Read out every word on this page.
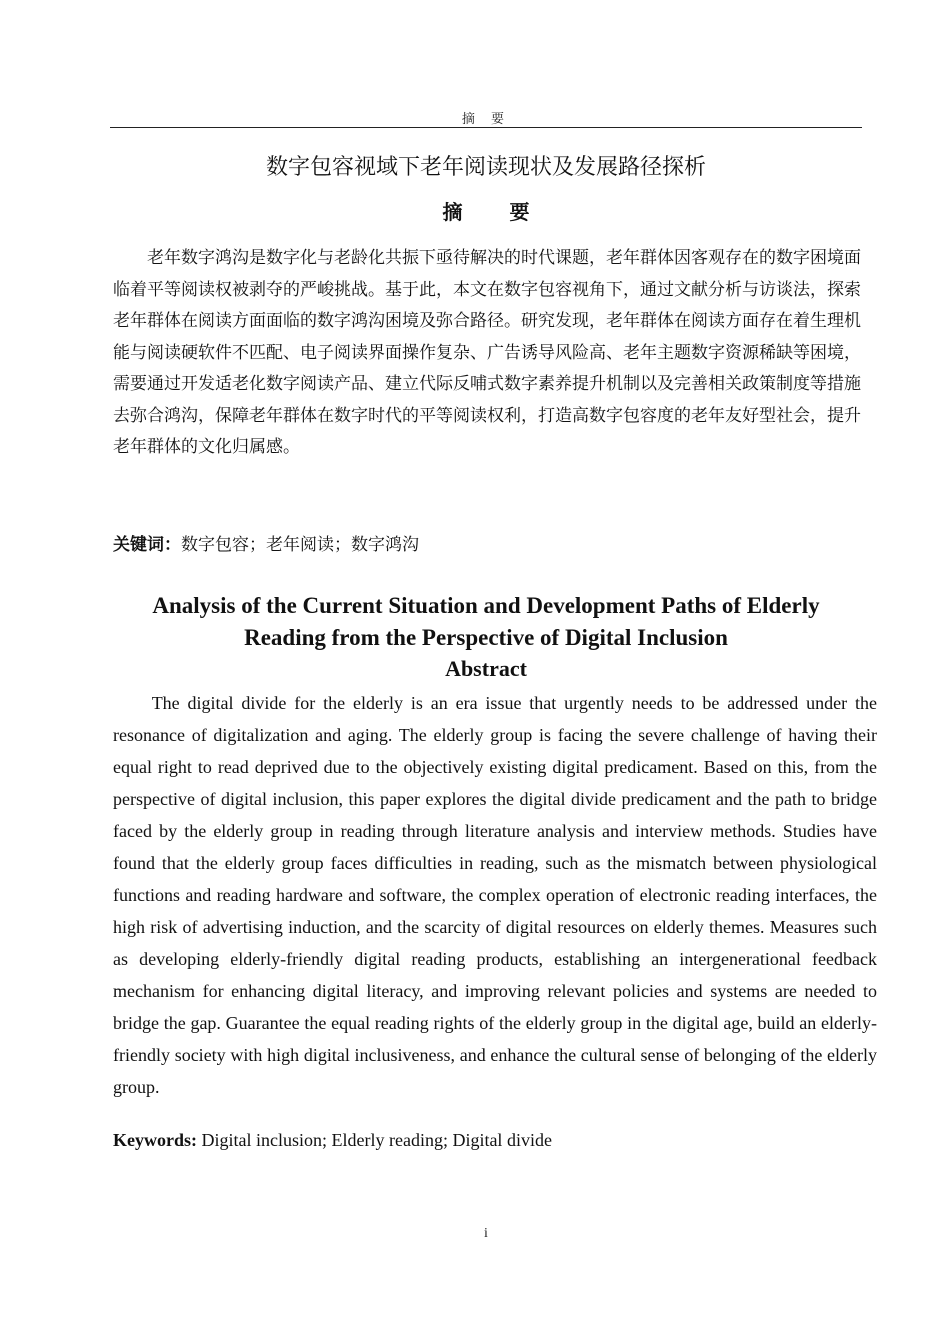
摘 要
数字包容视域下老年阅读现状及发展路径探析
摘 要

老年数字鸿沟是数字化与老龄化共振下亟待解决的时代课题，老年群体因客观存在的数字困境面临着平等阅读权被剥夺的严峻挑战。基于此，本文在数字包容视角下，通过文献分析与访谈法，探索老年群体在阅读方面面临的数字鸿沟困境及弥合路径。研究发现，老年群体在阅读方面存在着生理机能与阅读硬软件不匹配、电子阅读界面操作复杂、广告诱导风险高、老年主题数字资源稀缺等困境，需要通过开发适老化数字阅读产品、建立代际反哺式数字素养提升机制以及完善相关政策制度等措施去弥合鸿沟，保障老年群体在数字时代的平等阅读权利，打造高数字包容度的老年友好型社会，提升老年群体的文化归属感。

关键词：数字包容；老年阅读；数字鸿沟
Analysis of the Current Situation and Development Paths of Elderly Reading from the Perspective of Digital Inclusion
Abstract

The digital divide for the elderly is an era issue that urgently needs to be addressed under the resonance of digitalization and aging. The elderly group is facing the severe challenge of having their equal right to read deprived due to the objectively existing digital predicament. Based on this, from the perspective of digital inclusion, this paper explores the digital divide predicament and the path to bridge faced by the elderly group in reading through literature analysis and interview methods. Studies have found that the elderly group faces difficulties in reading, such as the mismatch between physiological functions and reading hardware and software, the complex operation of electronic reading interfaces, the high risk of advertising induction, and the scarcity of digital resources on elderly themes. Measures such as developing elderly-friendly digital reading products, establishing an intergenerational feedback mechanism for enhancing digital literacy, and improving relevant policies and systems are needed to bridge the gap. Guarantee the equal reading rights of the elderly group in the digital age, build an elderly-friendly society with high digital inclusiveness, and enhance the cultural sense of belonging of the elderly group.

Keywords: Digital inclusion; Elderly reading; Digital divide
i
